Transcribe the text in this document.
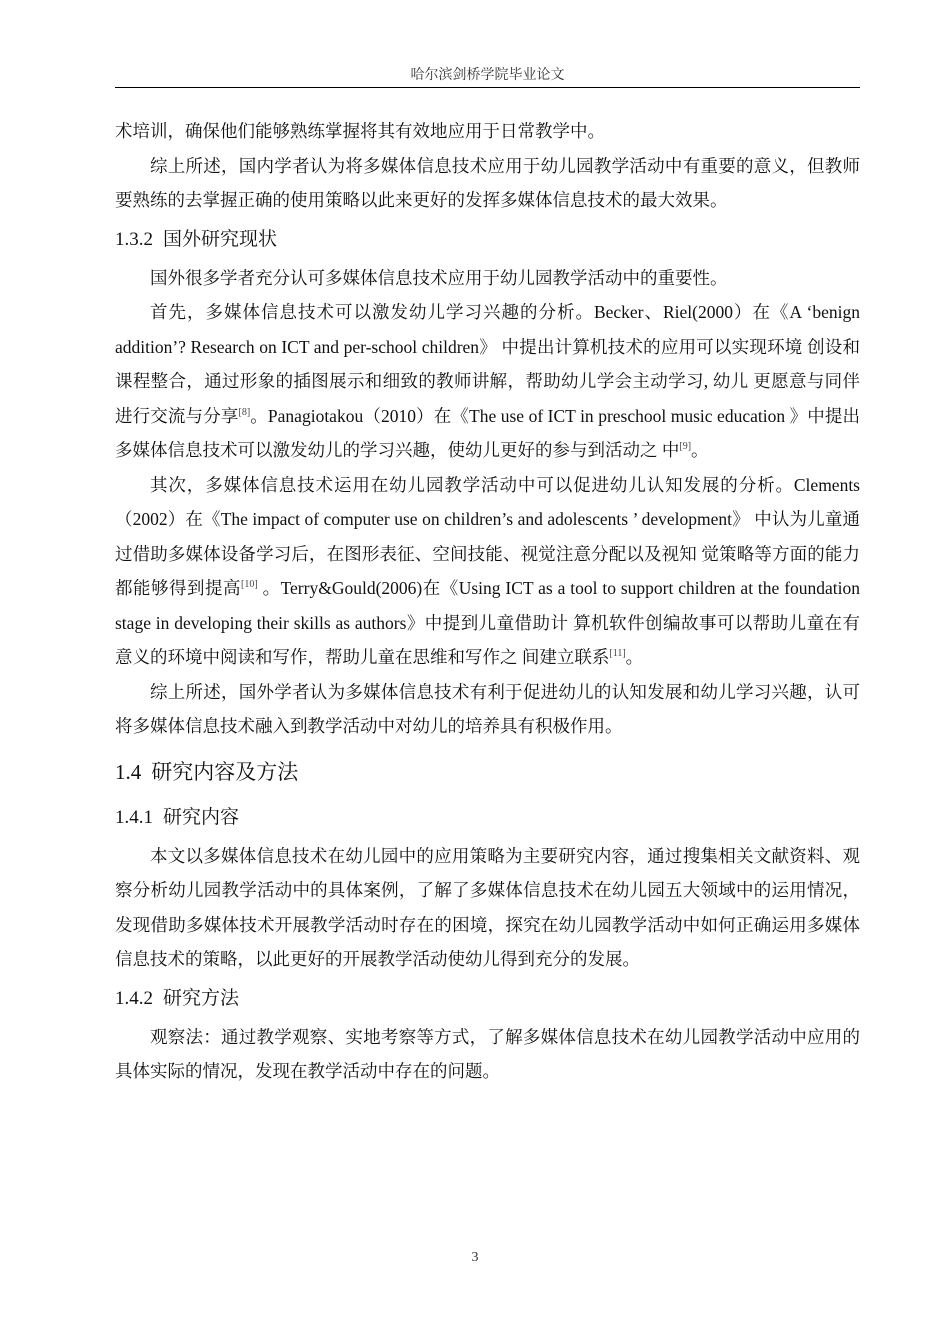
哈尔滨剑桥学院毕业论文

术培训，确保他们能够熟练掌握将其有效地应用于日常教学中。

综上所述，国内学者认为将多媒体信息技术应用于幼儿园教学活动中有重要的意义，但教师要熟练的去掌握正确的使用策略以此来更好的发挥多媒体信息技术的最大效果。

1.3.2 国外研究现状

国外很多学者充分认可多媒体信息技术应用于幼儿园教学活动中的重要性。

首先，多媒体信息技术可以激发幼儿学习兴趣的分析。Becker、Riel(2000）在《A ‘benign addition’? Research on ICT and per-school children》 中提出计算机技术的应用可以实现环境 创设和课程整合，通过形象的插图展示和细致的教师讲解，帮助幼儿学会主动学习, 幼儿 更愿意与同伴进行交流与分享[8]。Panagiotakou（2010）在《The use of ICT in preschool music education 》中提出多媒体信息技术可以激发幼儿的学习兴趣，使幼儿更好的参与到活动之 中[9]。

其次，多媒体信息技术运用在幼儿园教学活动中可以促进幼儿认知发展的分析。Clements（2002）在《The impact of computer use on children’s and adolescents ’ development》 中认为儿童通过借助多媒体设备学习后，在图形表征、空间技能、视觉注意分配以及视知 觉策略等方面的能力都能够得到提高[10] 。Terry&Gould(2006)在《Using ICT as a tool to support children at the foundation stage in developing their skills as authors》中提到儿童借助计 算机软件创编故事可以帮助儿童在有意义的环境中阅读和写作，帮助儿童在思维和写作之 间建立联系[11]。

综上所述，国外学者认为多媒体信息技术有利于促进幼儿的认知发展和幼儿学习兴趣，认可将多媒体信息技术融入到教学活动中对幼儿的培养具有积极作用。

1.4 研究内容及方法
1.4.1 研究内容

本文以多媒体信息技术在幼儿园中的应用策略为主要研究内容，通过搜集相关文献资料、观察分析幼儿园教学活动中的具体案例，了解了多媒体信息技术在幼儿园五大领域中的运用情况，发现借助多媒体技术开展教学活动时存在的困境，探究在幼儿园教学活动中如何正确运用多媒体信息技术的策略，以此更好的开展教学活动使幼儿得到充分的发展。

1.4.2 研究方法

观察法：通过教学观察、实地考察等方式，了解多媒体信息技术在幼儿园教学活动中应用的具体实际的情况，发现在教学活动中存在的问题。

3
